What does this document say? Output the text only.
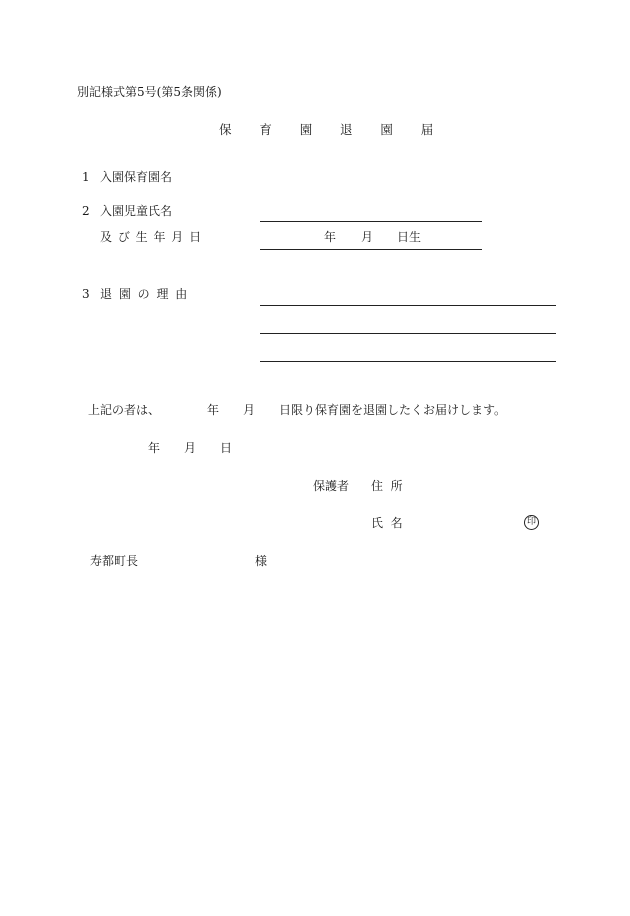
別記様式第5号(第5条関係)
保 育 園 退 園 届
1 入園保育園名
2 入園児童氏名
及 び 生 年 月 日	年 月 日生
3 退 園 の 理 由
上記の者は、	年 月 日限り保育園を退園したくお届けします。
年 月 日
保護者 住  所
氏  名	印
寿都町長	様
